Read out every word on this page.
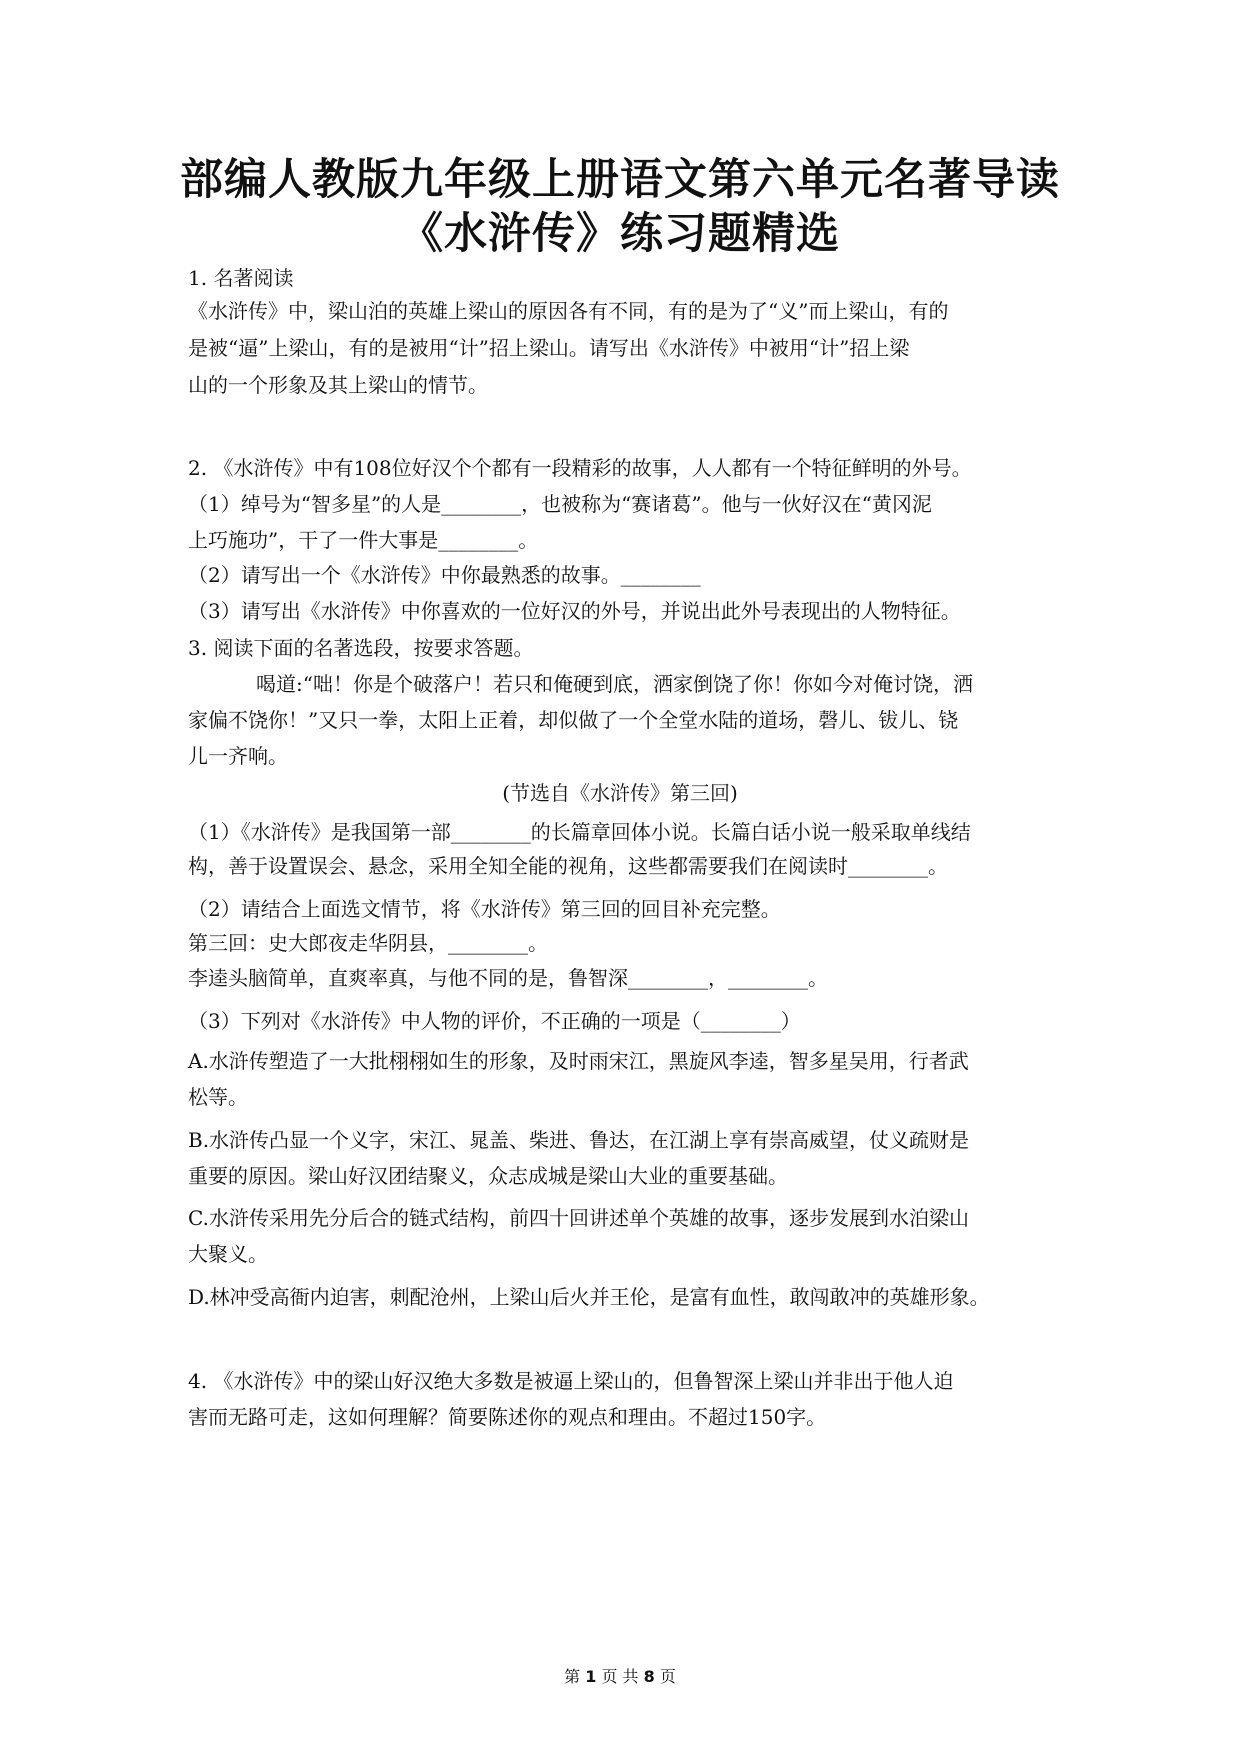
部编人教版九年级上册语文第六单元名著导读
《水浒传》练习题精选
1. 名著阅读
《水浒传》中，梁山泊的英雄上梁山的原因各有不同，有的是为了“义”而上梁山，有的
是被“逼”上梁山，有的是被用“计”招上梁山。请写出《水浒传》中被用“计”招上梁
山的一个形象及其上梁山的情节。
2. 《水浒传》中有108位好汉个个都有一段精彩的故事，人人都有一个特征鲜明的外号。
（1）绰号为“智多星”的人是________，也被称为“赛诸葛”。他与一伙好汉在“黄冈泥
上巧施功”，干了一件大事是________。
（2）请写出一个《水浒传》中你最熟悉的故事。________
（3）请写出《水浒传》中你喜欢的一位好汉的外号，并说出此外号表现出的人物特征。
3. 阅读下面的名著选段，按要求答题。
喝道:“咄！你是个破落户！若只和俺硬到底，洒家倒饶了你！你如今对俺讨饶，洒
家偏不饶你！”又只一拳，太阳上正着，却似做了一个全堂水陆的道场，磬儿、钹儿、铙
儿一齐响。
(节选自《水浒传》第三回)
（1）《水浒传》是我国第一部________的长篇章回体小说。长篇白话小说一般采取单线结
构，善于设置误会、悬念，采用全知全能的视角，这些都需要我们在阅读时________。
（2）请结合上面选文情节，将《水浒传》第三回的回目补充完整。
第三回：史大郎夜走华阴县，________。
李逵头脑简单，直爽率真，与他不同的是，鲁智深________，________。
（3）下列对《水浒传》中人物的评价，不正确的一项是（________）
A.水浒传塑造了一大批栩栩如生的形象，及时雨宋江，黑旋风李逵，智多星吴用，行者武
松等。
B.水浒传凸显一个义字，宋江、晁盖、柴进、鲁达，在江湖上享有崇高威望，仗义疏财是
重要的原因。梁山好汉团结聚义，众志成城是梁山大业的重要基础。
C.水浒传采用先分后合的链式结构，前四十回讲述单个英雄的故事，逐步发展到水泊梁山
大聚义。
D.林冲受高衙内迫害，刺配沧州，上梁山后火并王伦，是富有血性，敢闯敢冲的英雄形象。
4. 《水浒传》中的梁山好汉绝大多数是被逼上梁山的，但鲁智深上梁山并非出于他人迫
害而无路可走，这如何理解？简要陈述你的观点和理由。不超过150字。
第 1 页 共 8 页
